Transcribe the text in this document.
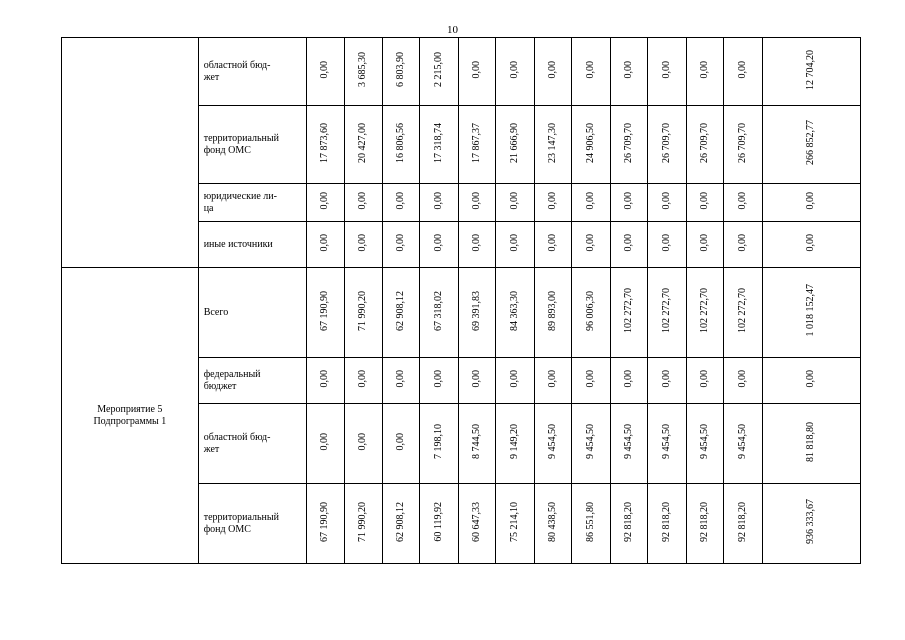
10
	областной бюд-
жет	0,00	3 685,30	6 803,90	2 215,00	0,00	0,00	0,00	0,00	0,00	0,00	0,00	0,00	12 704,20
	территориальный
фонд ОМС	17 873,60	20 427,00	16 806,56	17 318,74	17 867,37	21 666,90	23 147,30	24 906,50	26 709,70	26 709,70	26 709,70	26 709,70	266 852,77
	юридические ли-
ца	0,00	0,00	0,00	0,00	0,00	0,00	0,00	0,00	0,00	0,00	0,00	0,00	0,00
	иные источники	0,00	0,00	0,00	0,00	0,00	0,00	0,00	0,00	0,00	0,00	0,00	0,00	0,00
Мероприятие 5
Подпрограммы 1	Всего	67 190,90	71 990,20	62 908,12	67 318,02	69 391,83	84 363,30	89 893,00	96 006,30	102 272,70	102 272,70	102 272,70	102 272,70	1 018 152,47
	федеральный
бюджет	0,00	0,00	0,00	0,00	0,00	0,00	0,00	0,00	0,00	0,00	0,00	0,00	0,00
	областной бюд-
жет	0,00	0,00	0,00	7 198,10	8 744,50	9 149,20	9 454,50	9 454,50	9 454,50	9 454,50	9 454,50	9 454,50	81 818,80
	территориальный
фонд ОМС	67 190,90	71 990,20	62 908,12	60 119,92	60 647,33	75 214,10	80 438,50	86 551,80	92 818,20	92 818,20	92 818,20	92 818,20	936 333,67
